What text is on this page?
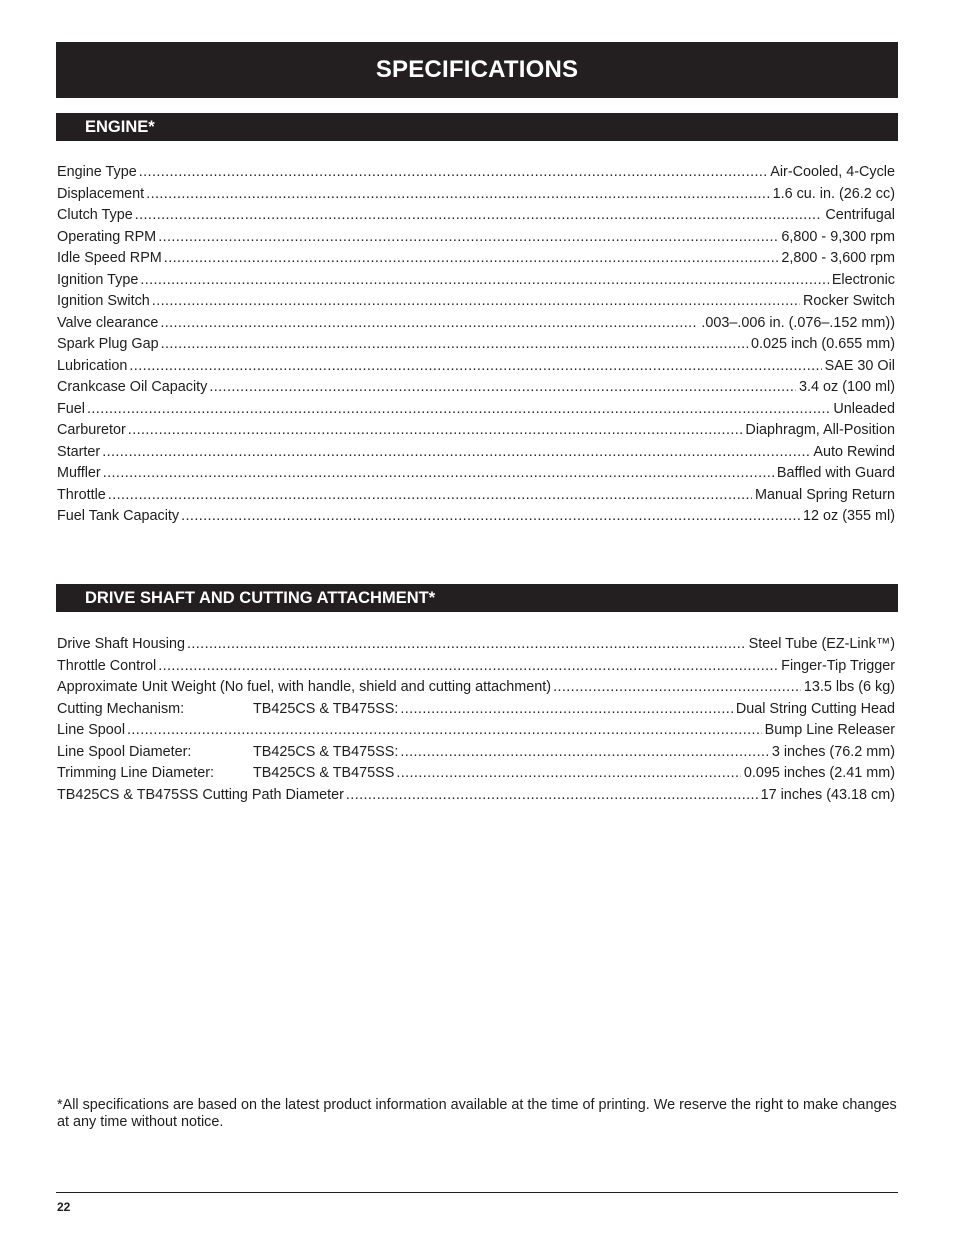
SPECIFICATIONS
ENGINE*
Engine Type .....	Air-Cooled, 4-Cycle
Displacement .....	1.6 cu. in. (26.2 cc)
Clutch Type .....	Centrifugal
Operating RPM .....	6,800 - 9,300 rpm
Idle Speed RPM .....	2,800 - 3,600 rpm
Ignition Type .....	Electronic
Ignition Switch .....	Rocker Switch
Valve clearance .....	.003–.006 in. (.076–.152 mm))
Spark Plug Gap .....	0.025 inch (0.655 mm)
Lubrication .....	SAE 30 Oil
Crankcase Oil Capacity .....	3.4 oz (100 ml)
Fuel .....	Unleaded
Carburetor .....	Diaphragm, All-Position
Starter .....	Auto Rewind
Muffler .....	Baffled with Guard
Throttle .....	Manual Spring Return
Fuel Tank Capacity .....	12 oz (355 ml)
DRIVE SHAFT AND CUTTING ATTACHMENT*
Drive Shaft Housing .....	Steel Tube (EZ-Link™)
Throttle Control .....	Finger-Tip Trigger
Approximate Unit Weight (No fuel, with handle, shield and cutting attachment) .....	13.5 lbs (6 kg)
Cutting Mechanism:	TB425CS & TB475SS: .....	Dual String Cutting Head
Line Spool .....	Bump Line Releaser
Line Spool Diameter:	TB425CS & TB475SS: .....	3 inches (76.2 mm)
Trimming Line Diameter:	TB425CS & TB475SS .....	0.095 inches (2.41 mm)
TB425CS & TB475SS Cutting Path Diameter .....	17 inches (43.18 cm)
*All specifications are based on the latest product information available at the time of printing. We reserve the right to make changes at any time without notice.
22
